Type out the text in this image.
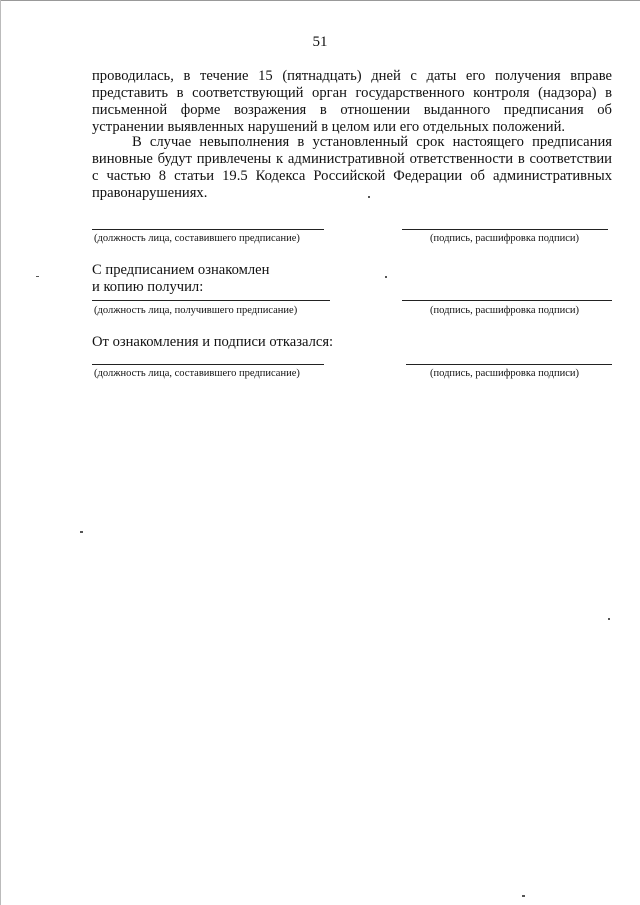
51

проводилась, в течение 15 (пятнадцать) дней с даты его получения вправе представить в соответствующий орган государственного контроля (надзора) в письменной форме возражения в отношении выданного предписания об устранении выявленных нарушений в целом или его отдельных положений.

В случае невыполнения в установленный срок настоящего предписания виновные будут привлечены к административной ответственности в соответствии с частью 8 статьи 19.5 Кодекса Российской Федерации об административных правонарушениях.

(должность лица, составившего предписание)	(подпись, расшифровка подписи)

С предписанием ознакомлен

и копию получил:

(должность лица, получившего предписание)	(подпись, расшифровка подписи)

От ознакомления и подписи отказался:

(должность лица, составившего предписание)	(подпись, расшифровка подписи)
